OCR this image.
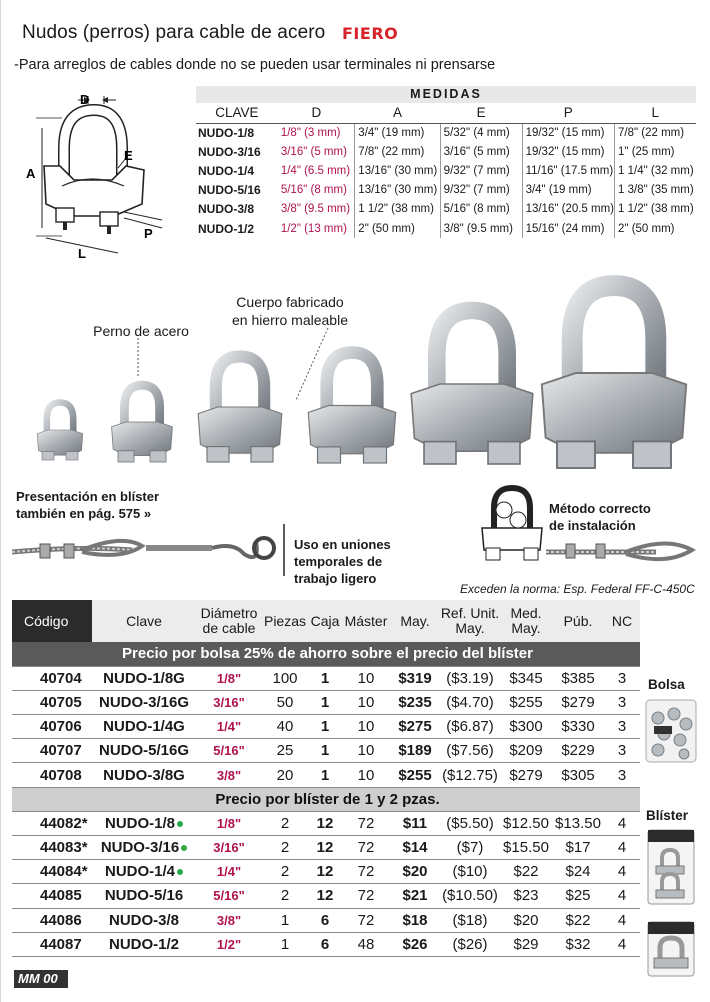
Nudos (perros) para cable de acero FIERO
-Para arreglos de cables donde no se pueden usar terminales ni prensarse
D
A
E
P
L
MEDIDAS
CLAVE	D	A	E	P	L
NUDO-1/8	1/8" (3 mm)	3/4" (19 mm)	5/32" (4 mm)	19/32" (15 mm)	7/8" (22 mm)
NUDO-3/16	3/16" (5 mm)	7/8" (22 mm)	3/16" (5 mm)	19/32" (15 mm)	1" (25 mm)
NUDO-1/4	1/4" (6.5 mm)	13/16" (30 mm)	9/32" (7 mm)	11/16" (17.5 mm)	1 1/4" (32 mm)
NUDO-5/16	5/16" (8 mm)	13/16" (30 mm)	9/32" (7 mm)	3/4" (19 mm)	1 3/8" (35 mm)
NUDO-3/8	3/8" (9.5 mm)	1 1/2" (38 mm)	5/16" (8 mm)	13/16" (20.5 mm)	1 1/2" (38 mm)
NUDO-1/2	1/2" (13 mm)	2" (50 mm)	3/8" (9.5 mm)	15/16" (24 mm)	2" (50 mm)
Perno de acero
Cuerpo fabricado
en hierro maleable
Presentación en blíster
también en pág. 575 »
Uso en uniones
temporales de
trabajo ligero
Método correcto
de instalación
Exceden la norma: Esp. Federal FF-C-450C
Código	Clave	Diámetro de cable	Piezas	Caja	Máster	May.	Ref. Unit. May.	Med. May.	Púb.	NC
Precio por bolsa 25% de ahorro sobre el precio del blíster										
40704	NUDO-1/8G	1/8"	100	1	10	$319	($3.19)	$345	$385	3
40705	NUDO-3/16G	3/16"	50	1	10	$235	($4.70)	$255	$279	3
40706	NUDO-1/4G	1/4"	40	1	10	$275	($6.87)	$300	$330	3
40707	NUDO-5/16G	5/16"	25	1	10	$189	($7.56)	$209	$229	3
40708	NUDO-3/8G	3/8"	20	1	10	$255	($12.75)	$279	$305	3
Precio por blíster de 1 y 2 pzas.										
44082*	NUDO-1/8	1/8"	2	12	72	$11	($5.50)	$12.50	$13.50	4
44083*	NUDO-3/16	3/16"	2	12	72	$14	($7)	$15.50	$17	4
44084*	NUDO-1/4	1/4"	2	12	72	$20	($10)	$22	$24	4
44085	NUDO-5/16	5/16"	2	12	72	$21	($10.50)	$23	$25	4
44086	NUDO-3/8	3/8"	1	6	72	$18	($18)	$20	$22	4
44087	NUDO-1/2	1/2"	1	6	48	$26	($26)	$29	$32	4
Bolsa
Blíster
MM 00
